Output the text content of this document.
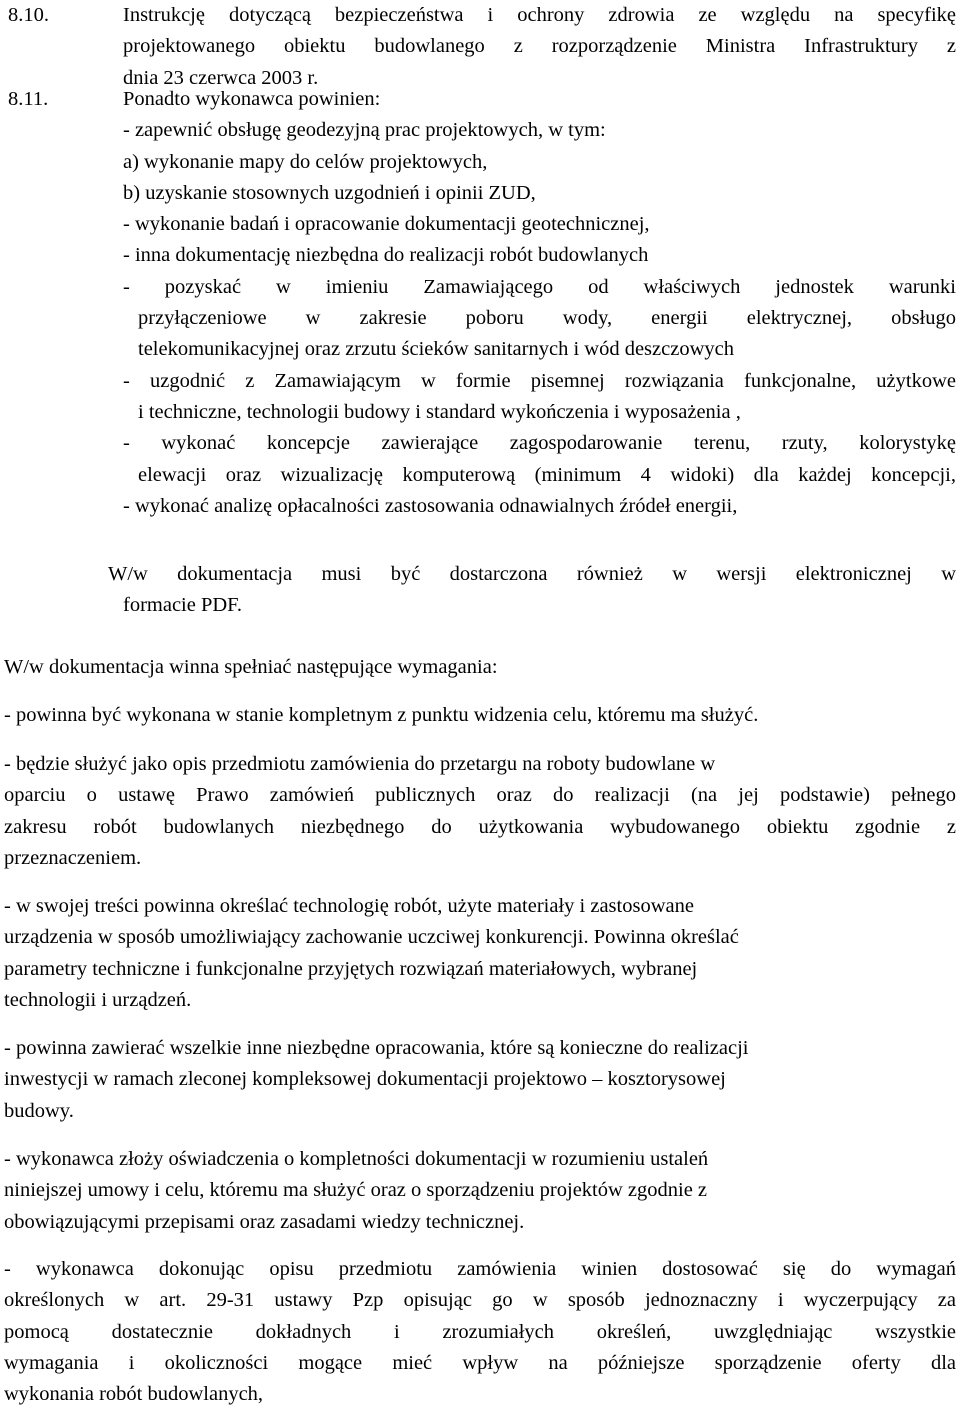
8.10.	Instrukcję dotyczącą bezpieczeństwa i ochrony zdrowia ze względu na specyfikę
projektowanego obiektu budowlanego z rozporządzenie Ministra Infrastruktury z
dnia 23 czerwca 2003 r.
8.11.	Ponadto wykonawca powinien:
- zapewnić obsługę geodezyjną prac projektowych, w tym:
a) wykonanie mapy do celów projektowych,
b) uzyskanie stosownych uzgodnień i opinii ZUD,
- wykonanie badań i opracowanie dokumentacji geotechnicznej,
- inna dokumentację niezbędna do realizacji robót budowlanych
- pozyskać w imieniu Zamawiającego od właściwych jednostek warunki
przyłączeniowe w zakresie poboru wody, energii elektrycznej, obsługo
telekomunikacyjnej oraz zrzutu ścieków sanitarnych i wód deszczowych
- uzgodnić z Zamawiającym w formie pisemnej rozwiązania funkcjonalne, użytkowe
i techniczne, technologii budowy i standard wykończenia i wyposażenia ,
- wykonać koncepcje zawierające zagospodarowanie terenu, rzuty, kolorystykę
elewacji oraz wizualizację komputerową (minimum 4 widoki) dla każdej koncepcji,
- wykonać analizę opłacalności zastosowania odnawialnych źródeł energii,
W/w dokumentacja musi być dostarczona również w wersji elektronicznej w
formacie PDF.
W/w dokumentacja winna spełniać następujące wymagania:
- powinna być wykonana w stanie kompletnym z punktu widzenia celu, któremu ma służyć.
- będzie służyć jako opis przedmiotu zamówienia do przetargu na roboty budowlane w
oparciu o ustawę Prawo zamówień publicznych oraz do realizacji (na jej podstawie) pełnego
zakresu robót budowlanych niezbędnego do użytkowania wybudowanego obiektu zgodnie z
przeznaczeniem.
- w swojej treści powinna określać technologię robót, użyte materiały i zastosowane
urządzenia w sposób umożliwiający zachowanie uczciwej konkurencji. Powinna określać
parametry techniczne i funkcjonalne przyjętych rozwiązań materiałowych, wybranej
technologii i urządzeń.
- powinna zawierać wszelkie inne niezbędne opracowania, które są konieczne do realizacji
inwestycji w ramach zleconej kompleksowej dokumentacji projektowo – kosztorysowej
budowy.
- wykonawca złoży oświadczenia o kompletności dokumentacji w rozumieniu ustaleń
niniejszej umowy i celu, któremu ma służyć oraz o sporządzeniu projektów zgodnie z
obowiązującymi przepisami oraz zasadami wiedzy technicznej.
- wykonawca dokonując opisu przedmiotu zamówienia winien dostosować się do wymagań
określonych w art. 29-31 ustawy Pzp opisując go w sposób jednoznaczny i wyczerpujący za
pomocą dostatecznie dokładnych i zrozumiałych określeń, uwzględniając wszystkie
wymagania i okoliczności mogące mieć wpływ na późniejsze sporządzenie oferty dla
wykonania robót budowlanych,
